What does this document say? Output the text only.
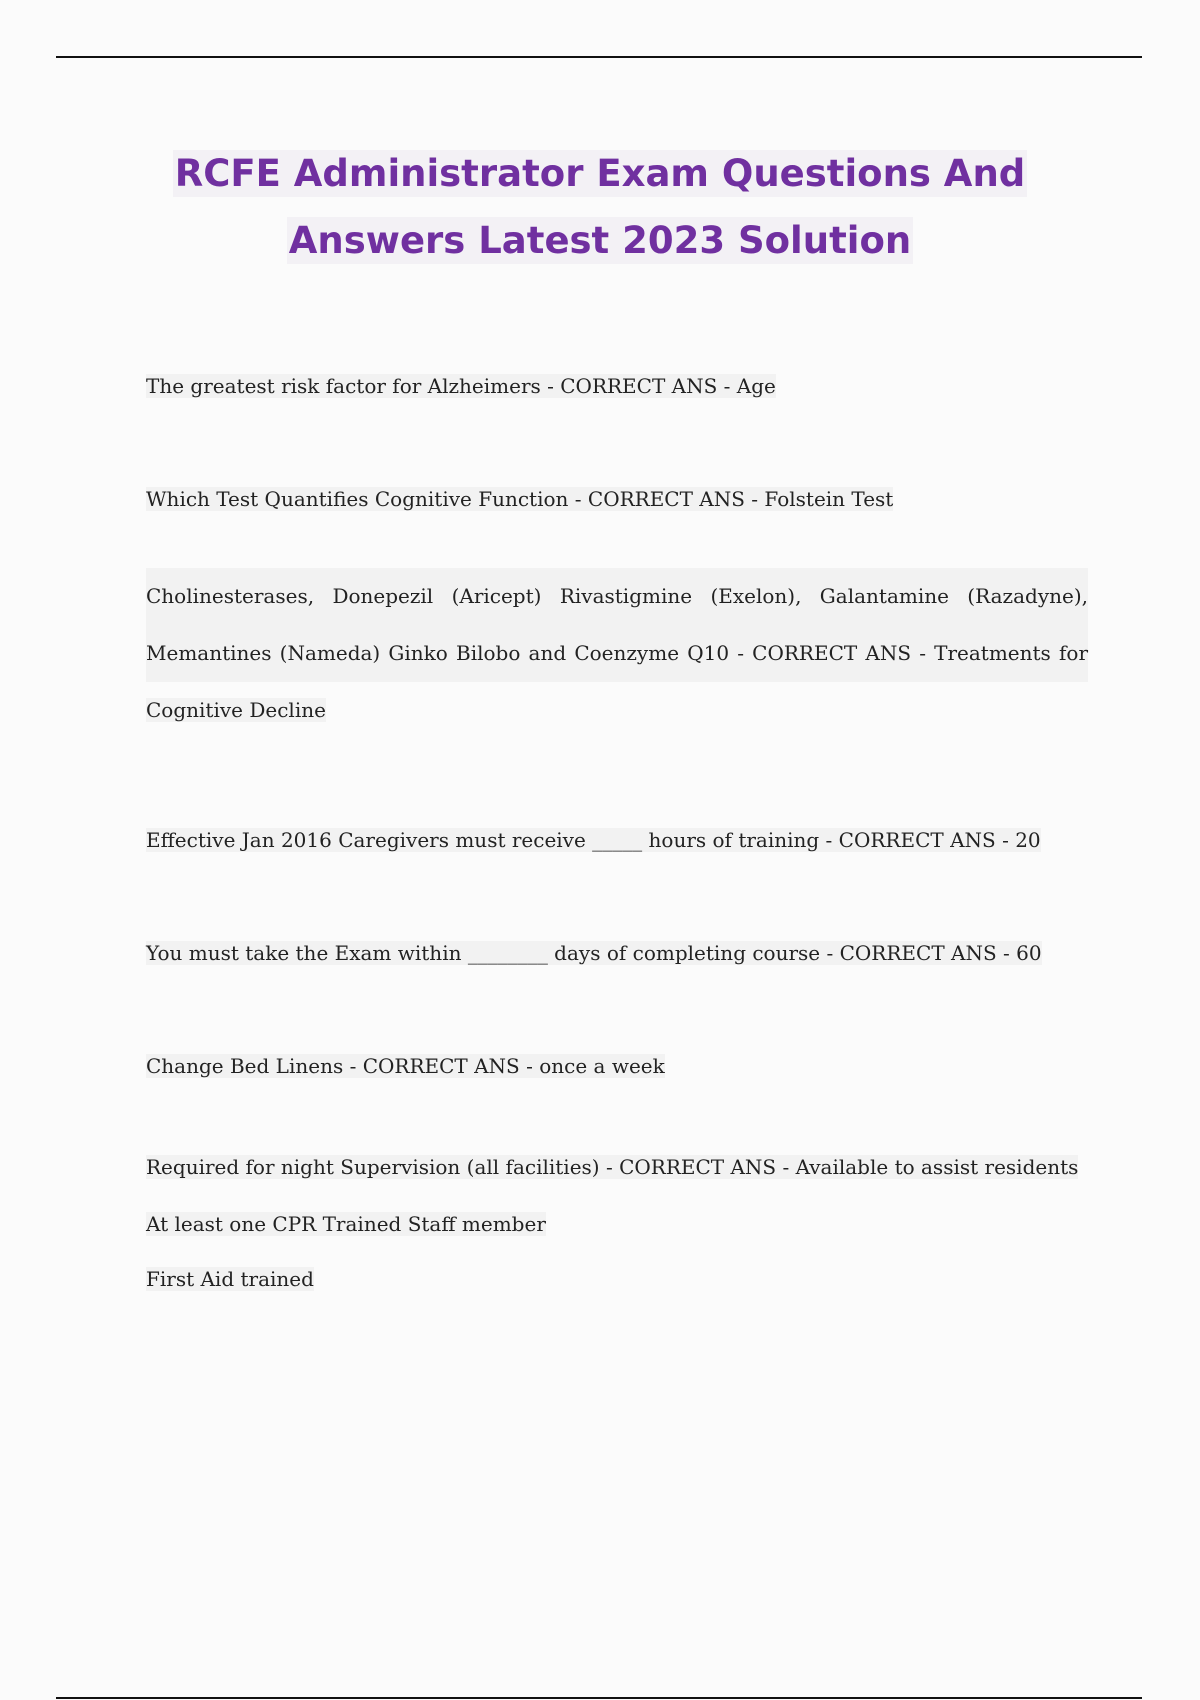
RCFE Administrator Exam Questions And
Answers Latest 2023 Solution

The greatest risk factor for Alzheimers - CORRECT ANS - Age

Which Test Quantifies Cognitive Function - CORRECT ANS - Folstein Test

Cholinesterases, Donepezil (Aricept) Rivastigmine (Exelon), Galantamine (Razadyne),
Memantines (Nameda) Ginko Bilobo and Coenzyme Q10 - CORRECT ANS - Treatments for
Cognitive Decline

Effective Jan 2016 Caregivers must receive _____ hours of training - CORRECT ANS - 20

You must take the Exam within ________ days of completing course - CORRECT ANS - 60

Change Bed Linens - CORRECT ANS - once a week

Required for night Supervision (all facilities) - CORRECT ANS - Available to assist residents
At least one CPR Trained Staff member
First Aid trained
